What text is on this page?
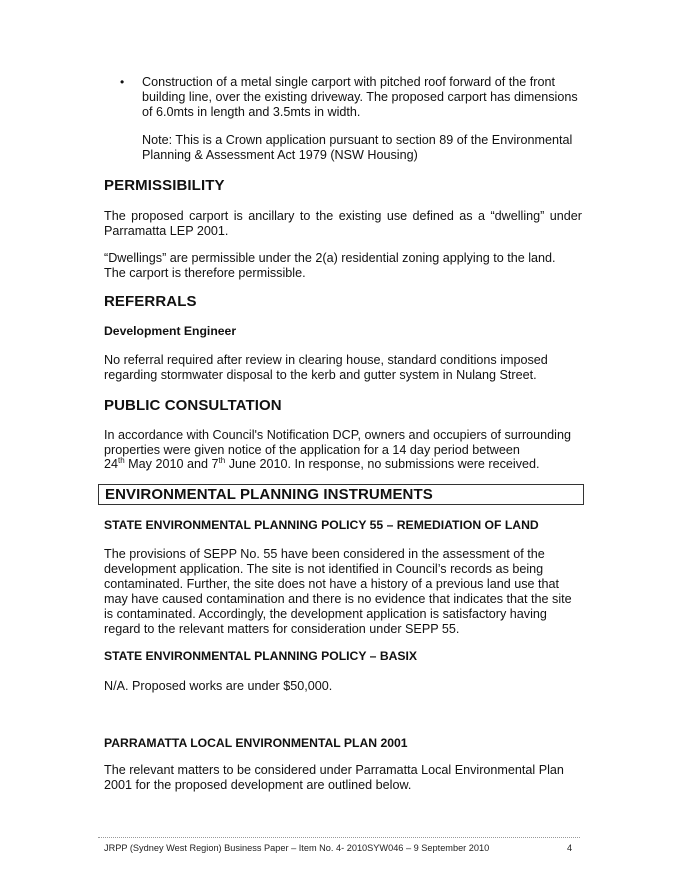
• Construction of a metal single carport with pitched roof forward of the front building line, over the existing driveway. The proposed carport has dimensions of 6.0mts in length and 3.5mts in width.

Note: This is a Crown application pursuant to section 89 of the Environmental Planning & Assessment Act 1979 (NSW Housing)

PERMISSIBILITY

The proposed carport is ancillary to the existing use defined as a “dwelling” under Parramatta LEP 2001.

“Dwellings” are permissible under the 2(a) residential zoning applying to the land.

The carport is therefore permissible.

REFERRALS
Development Engineer

No referral required after review in clearing house, standard conditions imposed regarding stormwater disposal to the kerb and gutter system in Nulang Street.

PUBLIC CONSULTATION

In accordance with Council's Notification DCP, owners and occupiers of surrounding

properties were given notice of the application for a 14 day period between

24th May 2010 and 7th June 2010. In response, no submissions were received.

ENVIRONMENTAL PLANNING INSTRUMENTS
STATE ENVIRONMENTAL PLANNING POLICY 55 – REMEDIATION OF LAND

The provisions of SEPP No. 55 have been considered in the assessment of the development application. The site is not identified in Council’s records as being contaminated. Further, the site does not have a history of a previous land use that may have caused contamination and there is no evidence that indicates that the site is contaminated. Accordingly, the development application is satisfactory having regard to the relevant matters for consideration under SEPP 55.

STATE ENVIRONMENTAL PLANNING POLICY – BASIX

N/A. Proposed works are under $50,000.

PARRAMATTA LOCAL ENVIRONMENTAL PLAN 2001

The relevant matters to be considered under Parramatta Local Environmental Plan 2001 for the proposed development are outlined below.

JRPP (Sydney West Region) Business Paper – Item No. 4- 2010SYW046 – 9 September 2010	4
